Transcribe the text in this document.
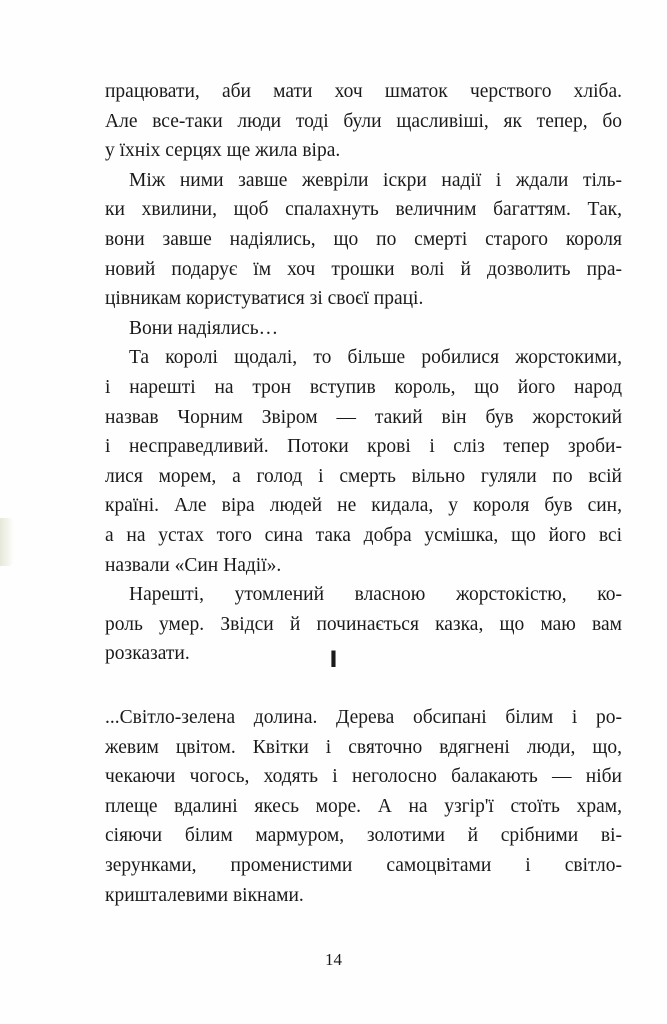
працювати, аби мати хоч шматок черствого хліба.
Але все-таки люди тоді були щасливіші, як тепер, бо
у їхніх серцях ще жила віра.
Між ними завше жевріли іскри надії і ждали тіль-
ки хвилини, щоб спалахнуть величним багаттям. Так,
вони завше надіялись, що по смерті старого короля
новий подарує їм хоч трошки волі й дозволить пра-
цівникам користуватися зі своєї праці.
Вони надіялись…
Та королі щодалі, то більше робилися жорстокими,
і нарешті на трон вступив король, що його народ
назвав Чорним Звіром — такий він був жорстокий
і несправедливий. Потоки крові і сліз тепер зроби-
лися морем, а голод і смерть вільно гуляли по всій
країні. Але віра людей не кидала, у короля був син,
а на устах того сина така добра усмішка, що його всі
назвали «Син Надії».
Нарешті, утомлений власною жорстокістю, ко-
роль умер. Звідси й починається казка, що маю вам
розказати.	I
...Світло-зелена долина. Дерева обсипані білим і ро-
жевим цвітом. Квітки і святочно вдягнені люди, що,
чекаючи чогось, ходять і неголосно балакають — ніби
плеще вдалині якесь море. А на узгір'ї стоїть храм,
сіяючи білим мармуром, золотими й срібними ві-
зерунками, променистими самоцвітами і світло-
кришталевими вікнами.
14
